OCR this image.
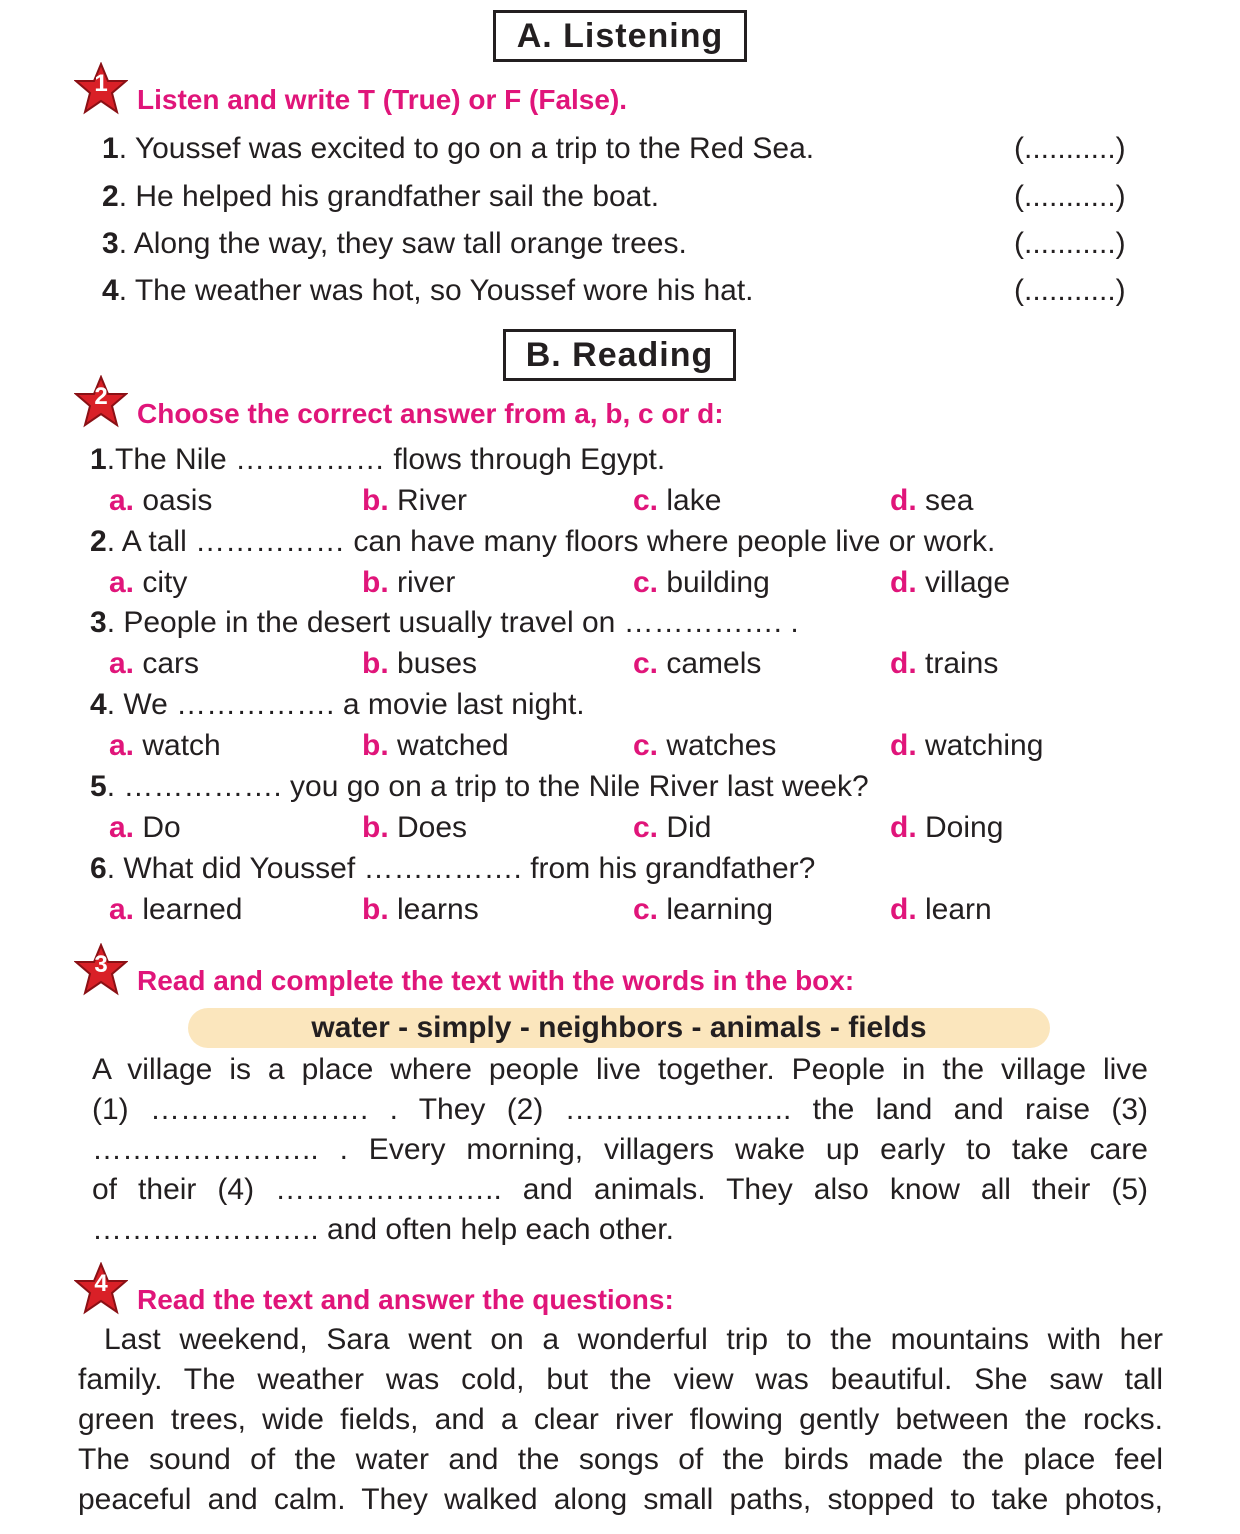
A. Listening
1
Listen and write T (True) or F (False).
1. Youssef was excited to go on a trip to the Red Sea.	(...........)
2. He helped his grandfather sail the boat.	(...........)
3. Along the way, they saw tall orange trees.	(...........)
4. The weather was hot, so Youssef wore his hat.	(...........)
B. Reading
2
Choose the correct answer from a, b, c or d:
1.The Nile …………… flows through Egypt.
a. oasis	b. River	c. lake	d. sea
2. A tall …………… can have many floors where people live or work.
a. city	b. river	c. building	d. village
3. People in the desert usually travel on ……………. .
a. cars	b. buses	c. camels	d. trains
4. We ……………. a movie last night.
a. watch	b. watched	c. watches	d. watching
5. ……………. you go on a trip to the Nile River last week?
a. Do	b. Does	c. Did	d. Doing
6. What did Youssef ……………. from his grandfather?
a. learned	b. learns	c. learning	d. learn
3
Read and complete the text with the words in the box:
water - simply - neighbors - animals - fields
A village is a place where people live together. People in the village live
(1) …………………. . They (2) ………………….. the land and raise (3)
………………….. . Every morning, villagers wake up early to take care
of their (4) ………………….. and animals. They also know all their (5)
………………….. and often help each other.
4
Read the text and answer the questions:
Last weekend, Sara went on a wonderful trip to the mountains with her
family. The weather was cold, but the view was beautiful. She saw tall
green trees, wide fields, and a clear river flowing gently between the rocks.
The sound of the water and the songs of the birds made the place feel
peaceful and calm. They walked along small paths, stopped to take photos,
